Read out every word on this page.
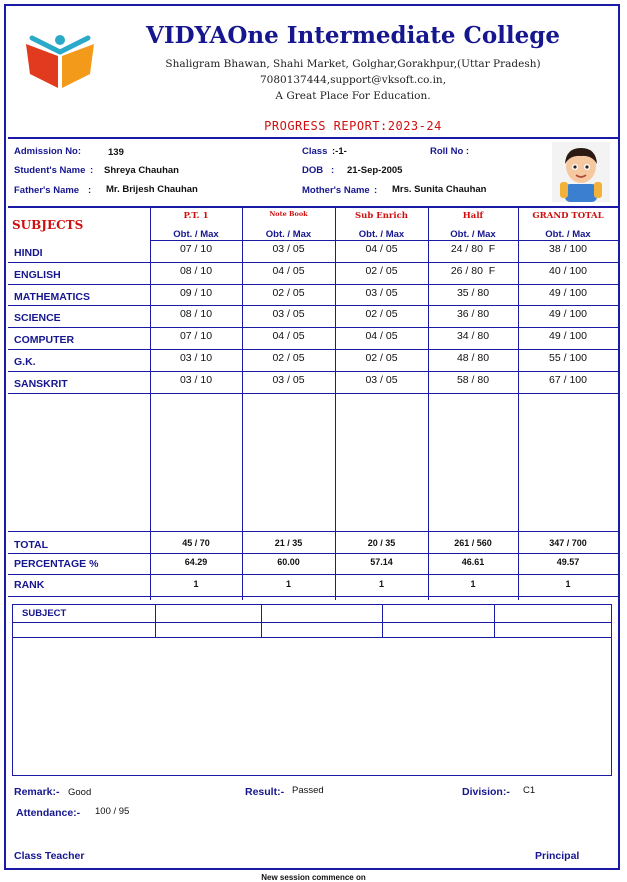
VIDYAOne Intermediate College
Shaligram Bhawan, Shahi Market, Golghar,Gorakhpur,(Uttar Pradesh)
7080137444,support@vksoft.co.in,
A Great Place For Education.
PROGRESS REPORT:2023-24
Admission No:	139	Class :-1-	Roll No :
Student's Name : Shreya Chauhan	DOB : 21-Sep-2005
Father's Name : Mr. Brijesh Chauhan	Mother's Name : Mrs. Sunita Chauhan
SUBJECTS
P.T. 1	Note Book	Sub Enrich	Half	GRAND TOTAL
Obt. / Max	Obt. / Max	Obt. / Max	Obt. / Max	Obt. / Max
HINDI	07 / 10	03 / 05	04 / 05	24 / 80  F	38 / 100
ENGLISH	08 / 10	04 / 05	02 / 05	26 / 80  F	40 / 100
MATHEMATICS	09 / 10	02 / 05	03 / 05	35 / 80	49 / 100
SCIENCE	08 / 10	03 / 05	02 / 05	36 / 80	49 / 100
COMPUTER	07 / 10	04 / 05	04 / 05	34 / 80	49 / 100
G.K.	03 / 10	02 / 05	02 / 05	48 / 80	55 / 100
SANSKRIT	03 / 10	03 / 05	03 / 05	58 / 80	67 / 100
TOTAL	45 / 70	21 / 35	20 / 35	261 / 560	347 / 700
PERCENTAGE %	64.29	60.00	57.14	46.61	49.57
RANK	1	1	1	1	1
SUBJECT
Remark:- Good	Result:- Passed	Division:- C1
Attendance:- 100 / 95
Class Teacher	Principal
New session commence on
